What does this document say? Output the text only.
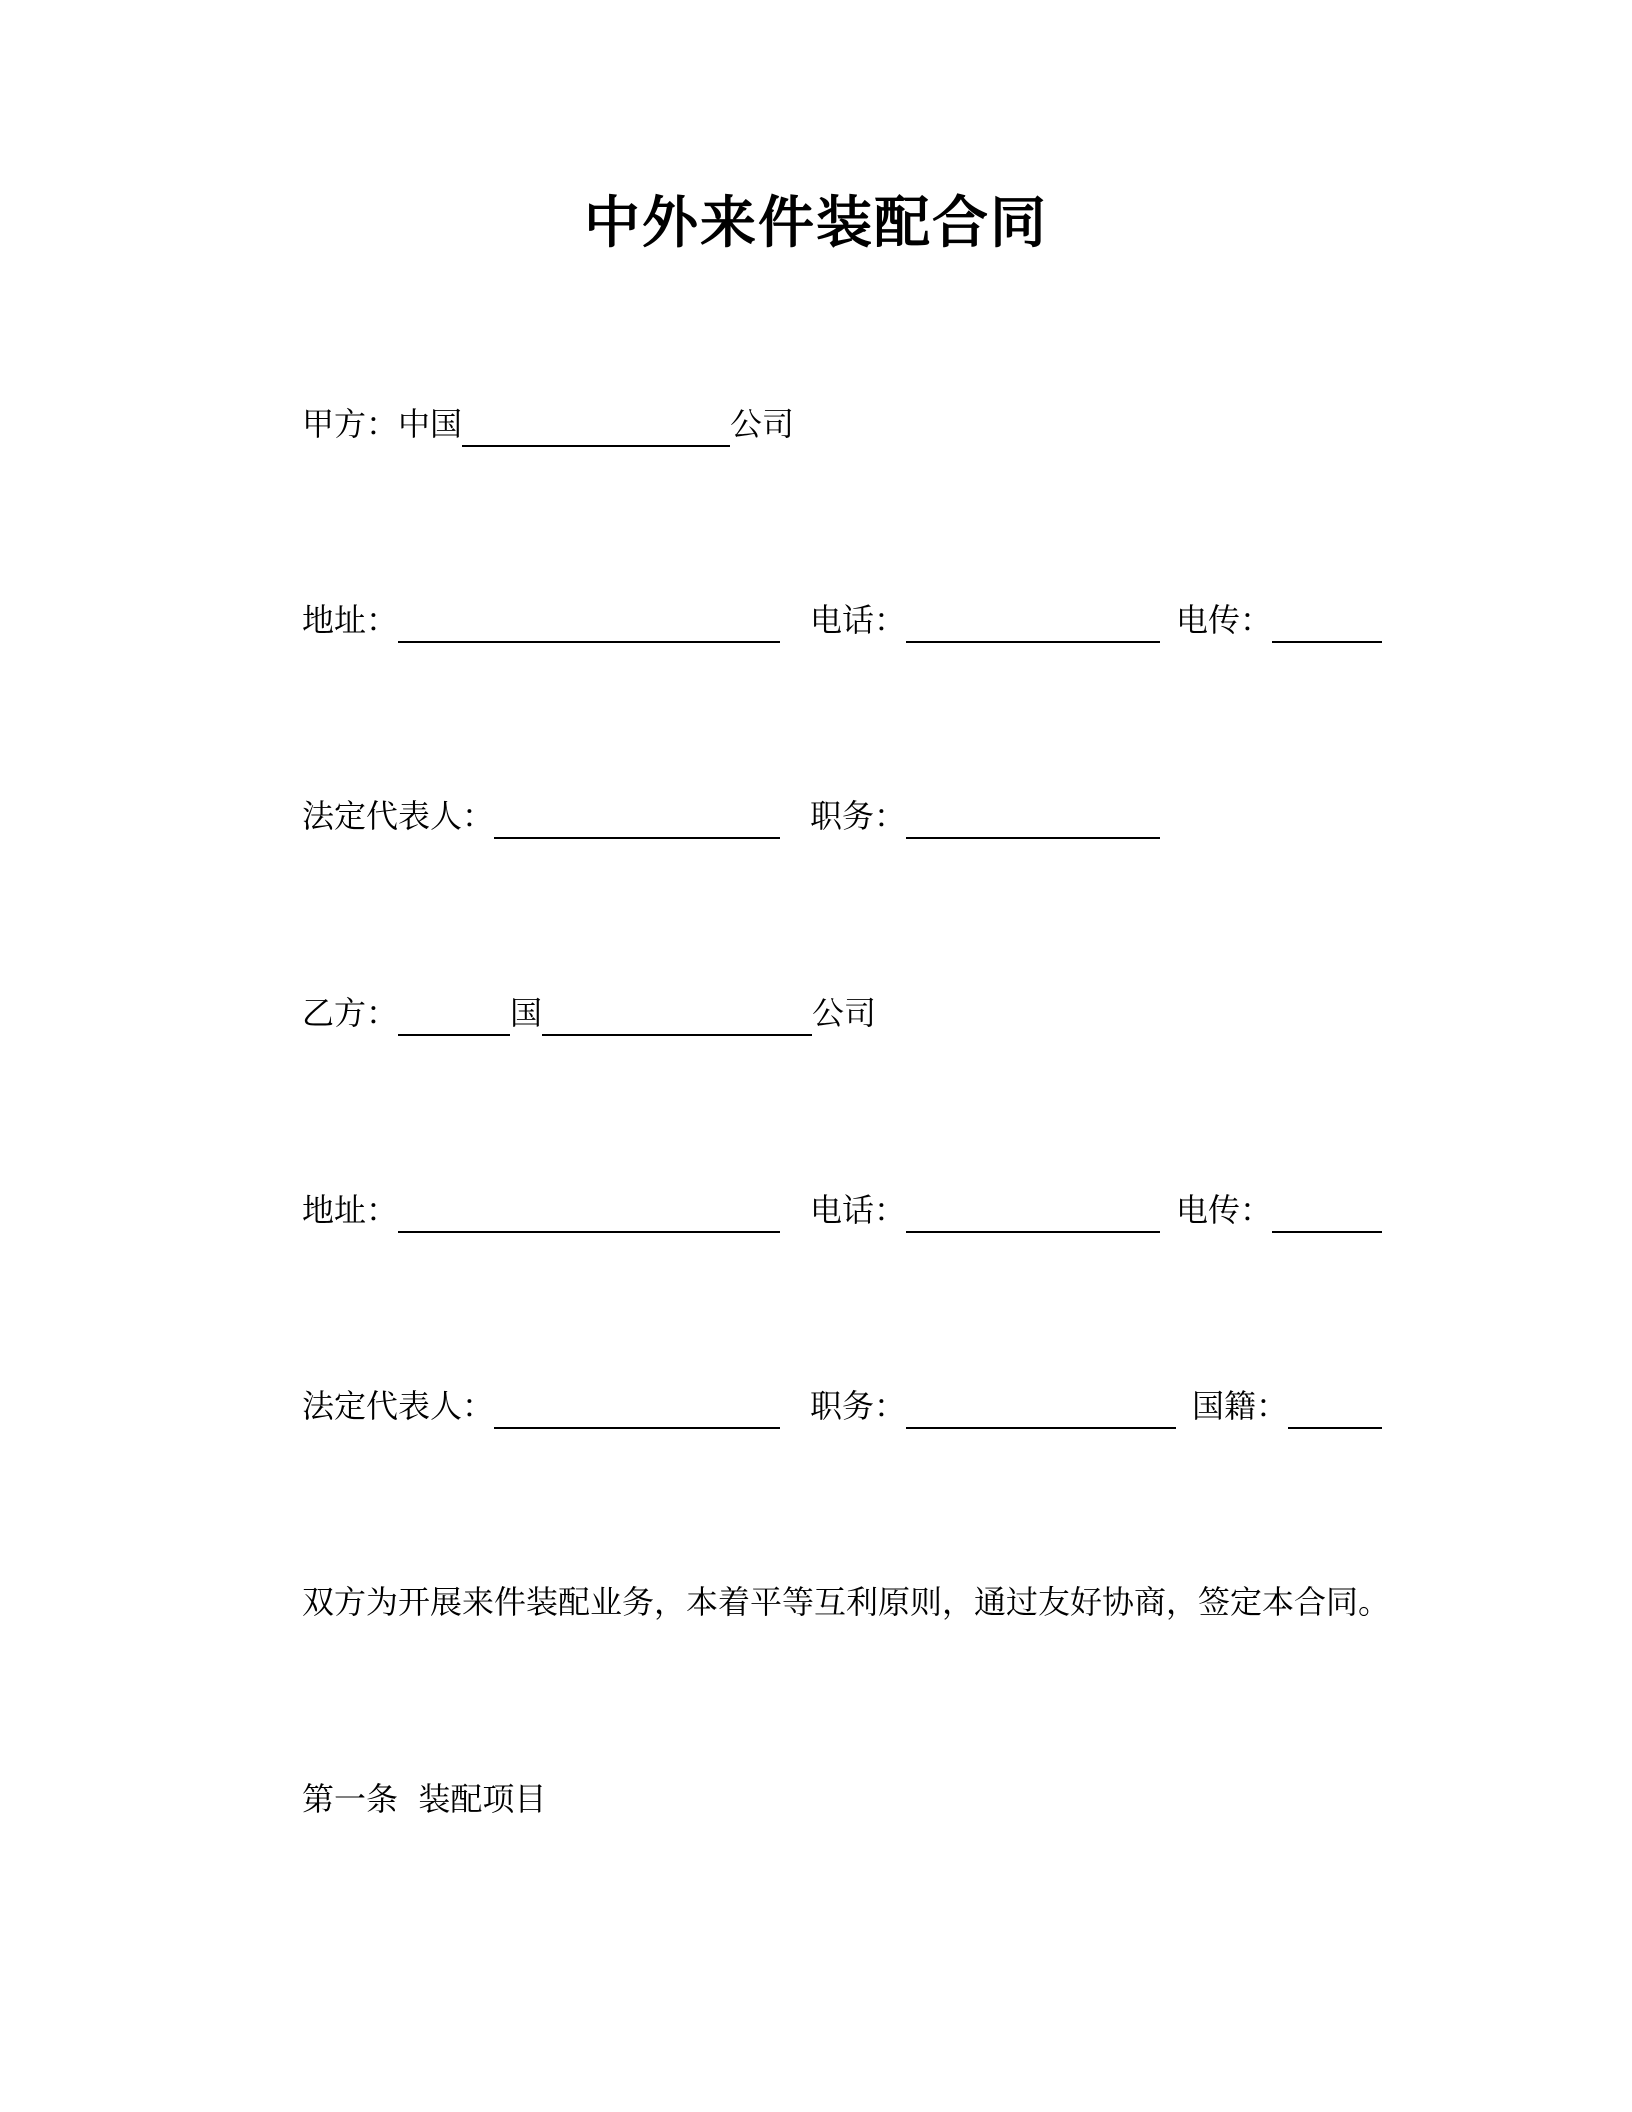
中外来件装配合同
甲方： 中国	公司
地址：	电话：	电传：
法定代表人：	职务：
乙方：	国	公司
地址：	电话：	电传：
法定代表人：	职务：	国籍：
双方为开展来件装配业务，本着平等互利原则，通过友好协商，签定本合同。
第一条  装配项目
